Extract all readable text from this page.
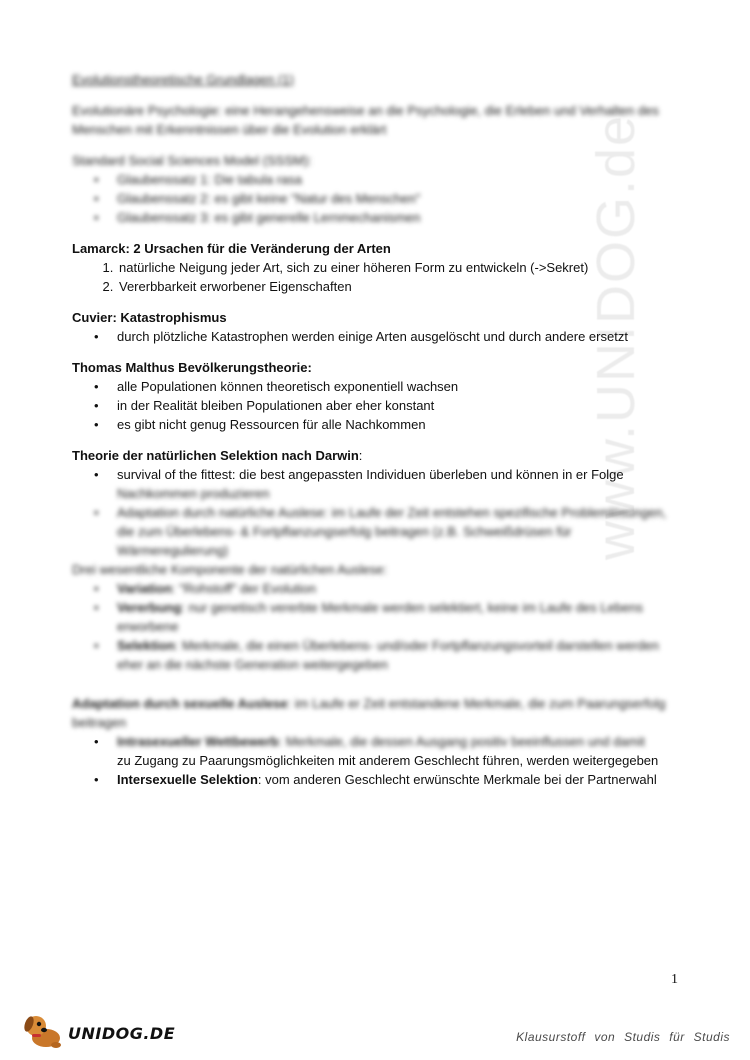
www.UNIDOG.de

Evolutionstheoretische Grundlagen (1)

Evolutionäre Psychologie: eine Herangehensweise an die Psychologie, die Erleben und Verhalten des Menschen mit Erkenntnissen über die Evolution erklärt

Standard Social Sciences Model (SSSM):

• Glaubenssatz 1: Die tabula rasa
• Glaubenssatz 2: es gibt keine "Natur des Menschen"
• Glaubenssatz 3: es gibt generelle Lernmechanismen

Lamarck: 2 Ursachen für die Veränderung der Arten

1. natürliche Neigung jeder Art, sich zu einer höheren Form zu entwickeln (->Sekret)
2. Vererbbarkeit erworbener Eigenschaften

Cuvier: Katastrophismus

• durch plötzliche Katastrophen werden einige Arten ausgelöscht und durch andere ersetzt

Thomas Malthus Bevölkerungstheorie:

• alle Populationen können theoretisch exponentiell wachsen
• in der Realität bleiben Populationen aber eher konstant
• es gibt nicht genug Ressourcen für alle Nachkommen

Theorie der natürlichen Selektion nach Darwin:

• survival of the fittest: die best angepassten Individuen überleben und können in er Folge
Nachkommen produzieren
• Adaptation durch natürliche Auslese: im Laufe der Zeit entstehen spezifische Problemlösungen, die zum Überlebens- & Fortpflanzungserfolg beitragen (z.B. Schweißdrüsen für Wärmeregulierung)

Drei wesentliche Komponente der natürlichen Auslese:

• Variation: "Rohstoff" der Evolution
• Vererbung: nur genetisch vererbte Merkmale werden selektiert, keine im Laufe des Lebens erworbene
• Selektion: Merkmale, die einen Überlebens- und/oder Fortpflanzungsvorteil darstellen werden eher an die nächste Generation weitergegeben

Adaptation durch sexuelle Auslese: im Laufe er Zeit entstandene Merkmale, die zum Paarungserfolg beitragen

• Intrasexueller Wettbewerb: Merkmale, die dessen Ausgang positiv beeinflussen und damit
zu Zugang zu Paarungsmöglichkeiten mit anderem Geschlecht führen, werden weitergegeben
• Intersexuelle Selektion: vom anderen Geschlecht erwünschte Merkmale bei der Partnerwahl
1
UNIDOG.DE	Klausurstoff von Studis für Studis
